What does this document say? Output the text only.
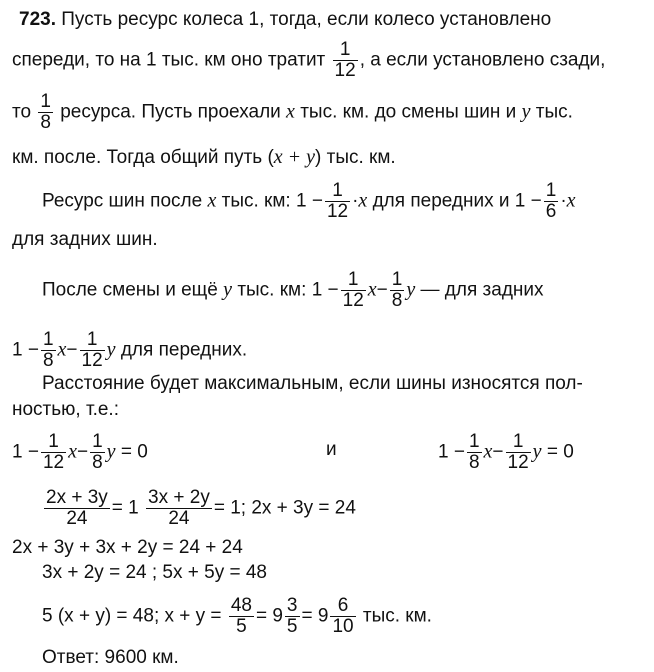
723. Пусть ресурс колеса 1, тогда, если колесо установлено
спереди, то на 1 тыс. км оно тратит $\frac{1}{12}$ , а если установлено сзади,
то $\frac{1}{8}$ ресурса. Пусть проехали x тыс. км. до смены шин и y тыс.
км. после. Тогда общий путь (x + y) тыс. км.
Ресурс шин после x тыс. км: $1 - \frac{1}{12} \cdot x$ для передних и $1 - \frac{1}{6} \cdot x$
для задних шин.
После смены и ещё y тыс. км: $1 - \frac{1}{12} x- \frac{1}{8}$ y — для задних
$1 - \frac{1}{8} x- \frac{1}{12}$ y для передних.
Расстояние будет максимальным, если шины износятся пол-
ностью, т.е.:
$1 - \frac{1}{12} x- \frac{1}{8}$ y = 0	и	$1 - \frac{1}{8} x- \frac{1}{12}$ y = 0
$\frac{2x + 3y}{24} = 1 \frac{3x + 2y}{24} = 1$; 2x + 3y = 24
2x + 3y + 3x + 2y = 24 + 24
3x + 2y = 24 ; 5x + 5y = 48
5 (x + y) = 48; $x + y = \frac{48}{5} = 9 \frac{3}{5} = 9 \frac{6}{10}$ тыс. км.
Ответ: 9600 км.
